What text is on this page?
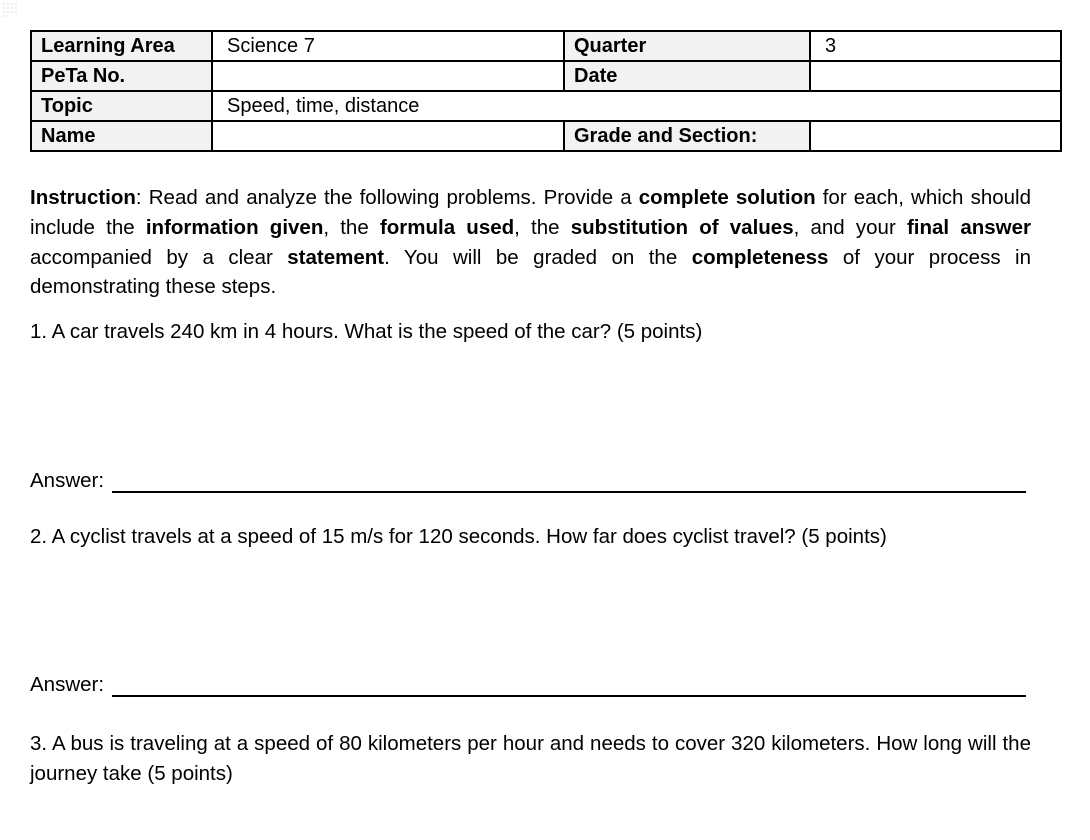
Learning Area	Science 7	Quarter	3
PeTa No.		Date	
Topic	Speed, time, distance		
Name		Grade and Section:	

Instruction: Read and analyze the following problems. Provide a complete solution for each, which should include the information given, the formula used, the substitution of values, and your final answer accompanied by a clear statement. You will be graded on the completeness of your process in demonstrating these steps.

1. A car travels 240 km in 4 hours. What is the speed of the car? (5 points)
Answer:
2. A cyclist travels at a speed of 15 m/s for 120 seconds. How far does cyclist travel? (5 points)
Answer:
3. A bus is traveling at a speed of 80 kilometers per hour and needs to cover 320 kilometers. How long will the journey take (5 points)
